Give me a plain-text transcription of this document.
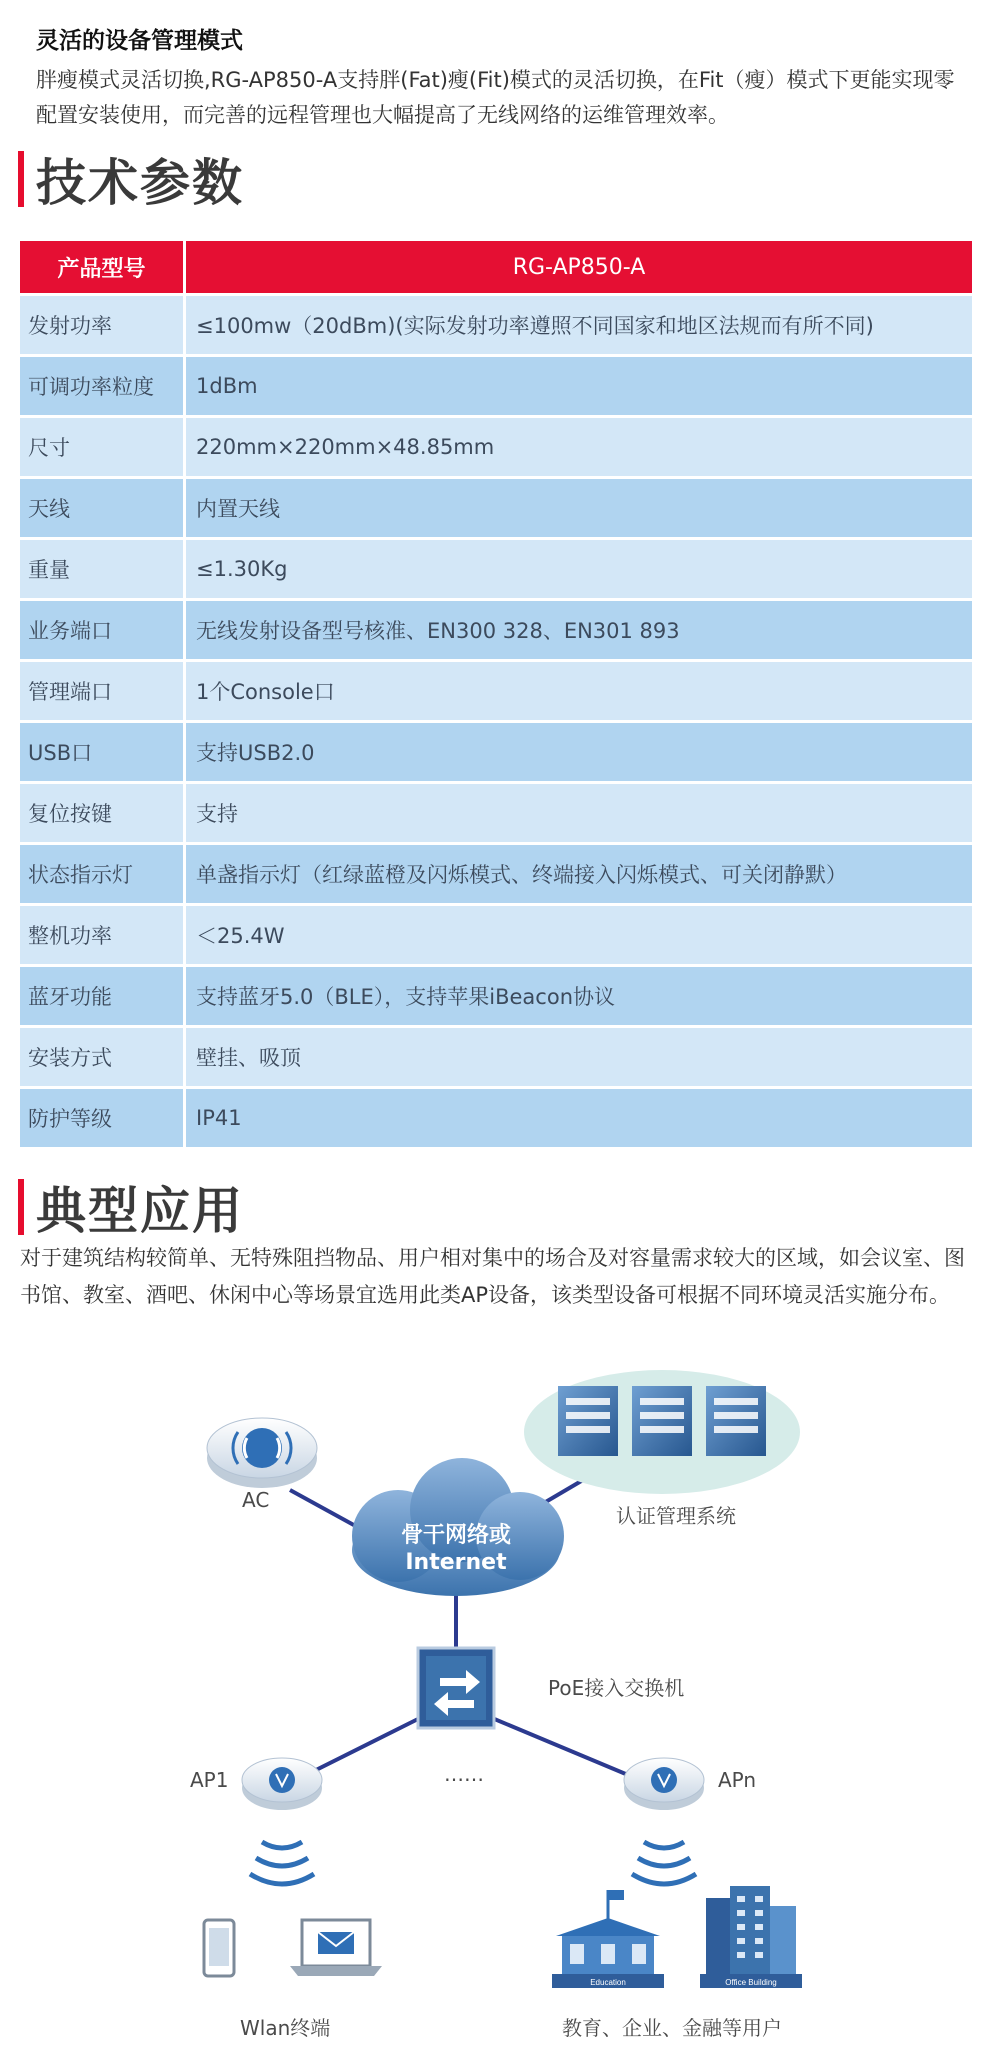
灵活的设备管理模式

胖瘦模式灵活切换,RG-AP850-A支持胖(Fat)瘦(Fit)模式的灵活切换，在Fit（瘦）模式下更能实现零配置安装使用，而完善的远程管理也大幅提高了无线网络的运维管理效率。

技术参数
产品型号	RG-AP850-A
发射功率	≤100mw（20dBm)(实际发射功率遵照不同国家和地区法规而有所不同)
可调功率粒度	1dBm
尺寸	220mm×220mm×48.85mm
天线	内置天线
重量	≤1.30Kg
业务端口	无线发射设备型号核准、EN300 328、EN301 893
管理端口	1个Console口
USB口	支持USB2.0
复位按键	支持
状态指示灯	单盏指示灯（红绿蓝橙及闪烁模式、终端接入闪烁模式、可关闭静默）
整机功率	＜25.4W
蓝牙功能	支持蓝牙5.0（BLE），支持苹果iBeacon协议
安装方式	壁挂、吸顶
防护等级	IP41
典型应用
对于建筑结构较简单、无特殊阻挡物品、用户相对集中的场合及对容量需求较大的区域，如会议室、图书馆、教室、酒吧、休闲中心等场景宜选用此类AP设备，该类型设备可根据不同环境灵活实施分布。
Education	Office Building
AC
认证管理系统
骨干网络或
Internet
PoE接入交换机
AP1	……	APn
Wlan终端	教育、企业、金融等用户
